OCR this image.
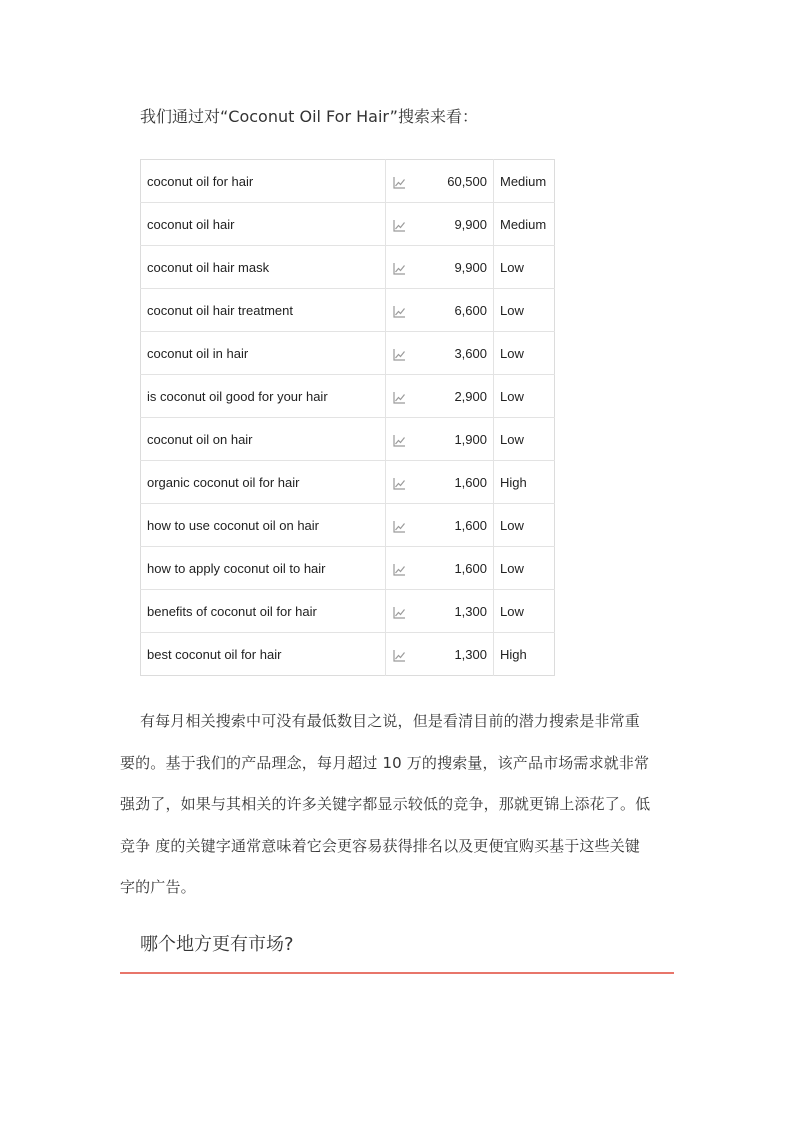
我们通过对“Coconut Oil For Hair”搜索来看：
coconut oil for hair		60,500	Medium
coconut oil hair		9,900	Medium
coconut oil hair mask		9,900	Low
coconut oil hair treatment		6,600	Low
coconut oil in hair		3,600	Low
is coconut oil good for your hair		2,900	Low
coconut oil on hair		1,900	Low
organic coconut oil for hair		1,600	High
how to use coconut oil on hair		1,600	Low
how to apply coconut oil to hair		1,600	Low
benefits of coconut oil for hair		1,300	Low
best coconut oil for hair		1,300	High
有每月相关搜索中可没有最低数目之说，但是看清目前的潜力搜索是非常重
要的。基于我们的产品理念，每月超过 10 万的搜索量，该产品市场需求就非常
强劲了，如果与其相关的许多关键字都显示较低的竞争，那就更锦上添花了。低
竞争 度的关键字通常意味着它会更容易获得排名以及更便宜购买基于这些关键
字的广告。
哪个地方更有市场?
